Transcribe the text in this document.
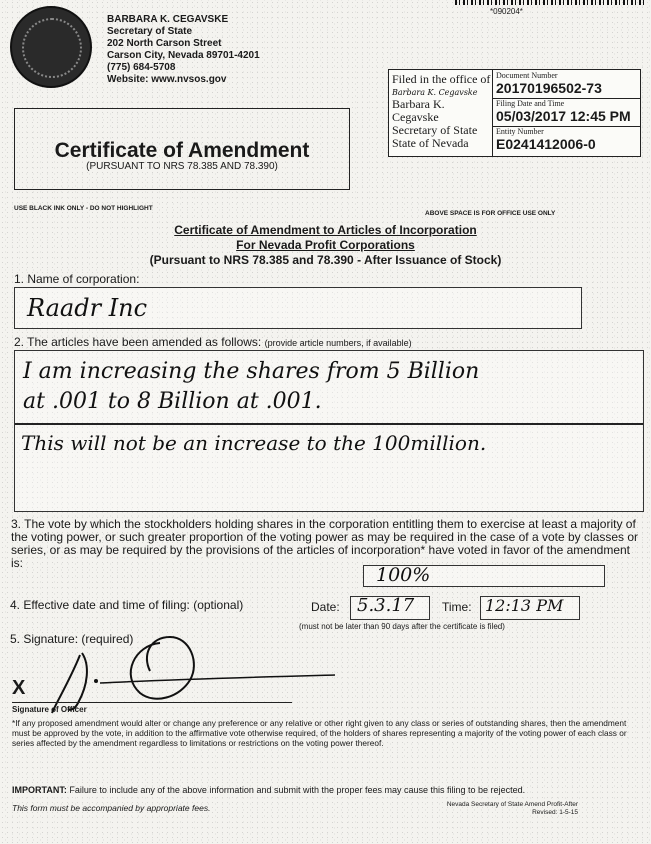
BARBARA K. CEGAVSKE
Secretary of State
202 North Carson Street
Carson City, Nevada 89701-4201
(775) 684-5708
Website: www.nvsos.gov
*090204*
Filed in the office of
Barbara K. Cegavske
Barbara K. Cegavske
Secretary of State
State of Nevada
Document Number
20170196502-73
Filing Date and Time
05/03/2017 12:45 PM
Entity Number
E0241412006-0
Certificate of Amendment
(PURSUANT TO NRS 78.385 AND 78.390)
USE BLACK INK ONLY - DO NOT HIGHLIGHT
ABOVE SPACE IS FOR OFFICE USE ONLY
Certificate of Amendment to Articles of Incorporation
For Nevada Profit Corporations
(Pursuant to NRS 78.385 and 78.390 - After Issuance of Stock)
1. Name of corporation:
Raadr Inc
2. The articles have been amended as follows: (provide article numbers, if available)
I am increasing the shares from 5 Billion
at .001 to 8 Billion at .001.
This will not be an increase to the 100million.
3. The vote by which the stockholders holding shares in the corporation entitling them to exercise at least a majority of the voting power, or such greater proportion of the voting power as may be required in the case of a vote by classes or series, or as may be required by the provisions of the articles of incorporation* have voted in favor of the amendment is:
100%
4. Effective date and time of filing: (optional)	Date: 5.3.17 Time: 12:13 PM
(must not be later than 90 days after the certificate is filed)
5. Signature: (required)
X
Signature of Officer
*If any proposed amendment would alter or change any preference or any relative or other right given to any class or series of outstanding shares, then the amendment must be approved by the vote, in addition to the affirmative vote otherwise required, of the holders of shares representing a majority of the voting power of each class or series affected by the amendment regardless to limitations or restrictions on the voting power thereof.
IMPORTANT: Failure to include any of the above information and submit with the proper fees may cause this filing to be rejected.
This form must be accompanied by appropriate fees.	Nevada Secretary of State Amend Profit-After
Revised: 1-5-15
